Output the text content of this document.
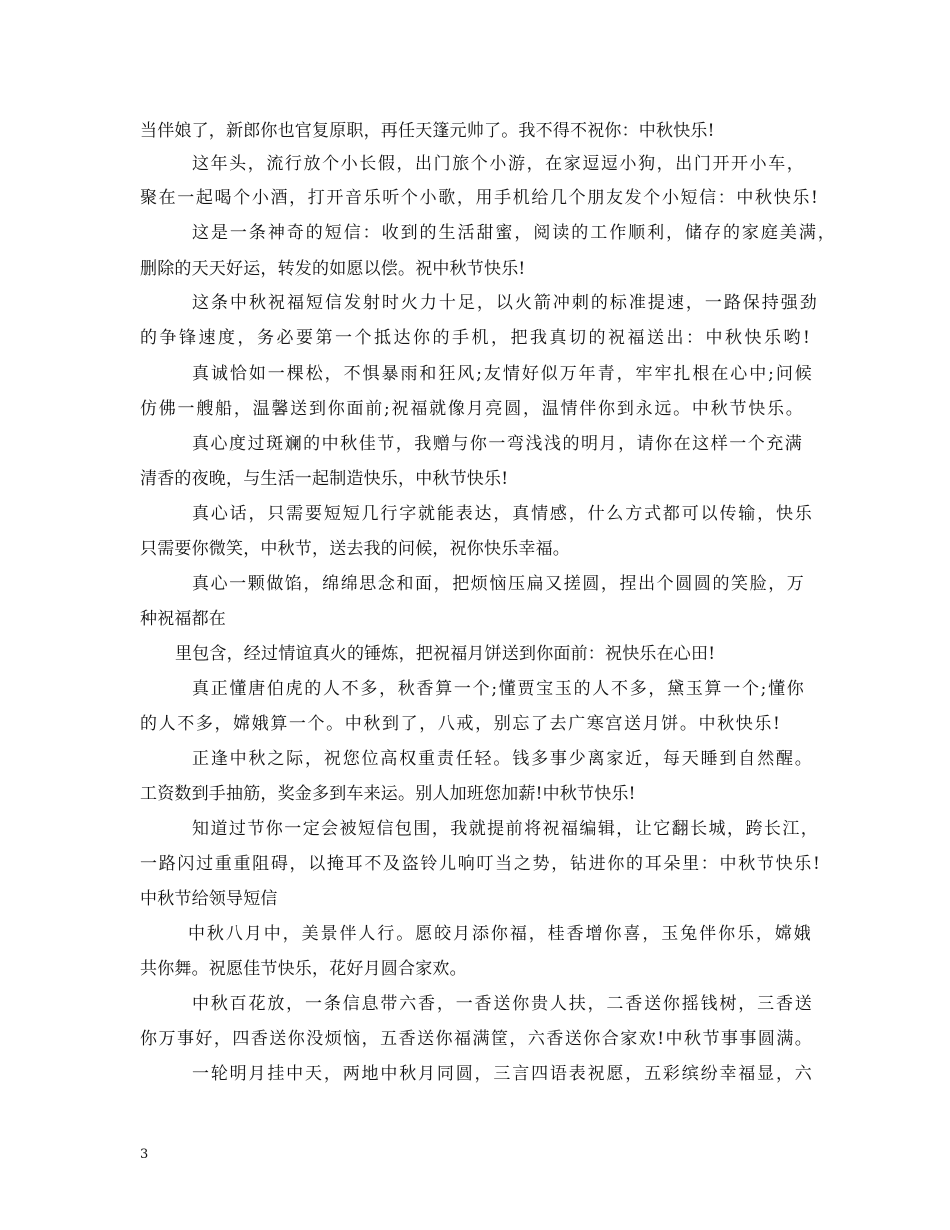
当伴娘了，新郎你也官复原职，再任天篷元帅了。我不得不祝你：中秋快乐!
这年头，流行放个小长假，出门旅个小游，在家逗逗小狗，出门开开小车，
聚在一起喝个小酒，打开音乐听个小歌，用手机给几个朋友发个小短信：中秋快乐!
这是一条神奇的短信：收到的生活甜蜜，阅读的工作顺利，储存的家庭美满，
删除的天天好运，转发的如愿以偿。祝中秋节快乐!
这条中秋祝福短信发射时火力十足，以火箭冲刺的标准提速，一路保持强劲
的争锋速度，务必要第一个抵达你的手机，把我真切的祝福送出：中秋快乐哟!
真诚恰如一棵松，不惧暴雨和狂风;友情好似万年青，牢牢扎根在心中;问候
仿佛一艘船，温馨送到你面前;祝福就像月亮圆，温情伴你到永远。中秋节快乐。
真心度过斑斓的中秋佳节，我赠与你一弯浅浅的明月，请你在这样一个充满
清香的夜晚，与生活一起制造快乐，中秋节快乐!
真心话，只需要短短几行字就能表达，真情感，什么方式都可以传输，快乐
只需要你微笑，中秋节，送去我的问候，祝你快乐幸福。
真心一颗做馅，绵绵思念和面，把烦恼压扁又搓圆，捏出个圆圆的笑脸，万
种祝福都在
里包含，经过情谊真火的锤炼，把祝福月饼送到你面前：祝快乐在心田!
真正懂唐伯虎的人不多，秋香算一个;懂贾宝玉的人不多，黛玉算一个;懂你
的人不多，嫦娥算一个。中秋到了，八戒，别忘了去广寒宫送月饼。中秋快乐!
正逢中秋之际，祝您位高权重责任轻。钱多事少离家近，每天睡到自然醒。
工资数到手抽筋，奖金多到车来运。别人加班您加薪!中秋节快乐!
知道过节你一定会被短信包围，我就提前将祝福编辑，让它翻长城，跨长江，
一路闪过重重阻碍，以掩耳不及盗铃儿响叮当之势，钻进你的耳朵里：中秋节快乐!
中秋节给领导短信
中秋八月中，美景伴人行。愿皎月添你福，桂香增你喜，玉兔伴你乐，嫦娥
共你舞。祝愿佳节快乐，花好月圆合家欢。
中秋百花放，一条信息带六香，一香送你贵人扶，二香送你摇钱树，三香送
你万事好，四香送你没烦恼，五香送你福满筐，六香送你合家欢!中秋节事事圆满。
一轮明月挂中天，两地中秋月同圆，三言四语表祝愿，五彩缤纷幸福显，六
3
